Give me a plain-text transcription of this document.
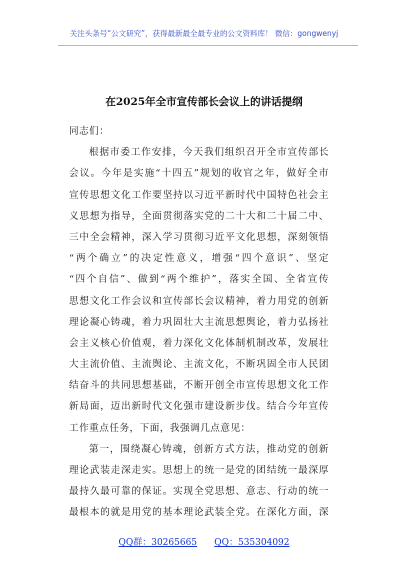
关注头条号“公文研究”，获得最新最全最专业的公文资料库！ 微信：gongwenyj
在2025年全市宣传部长会议上的讲话提纲
同志们：
根据市委工作安排，今天我们组织召开全市宣传部长
会议。今年是实施“十四五”规划的收官之年，做好全市
宣传思想文化工作要坚持以习近平新时代中国特色社会主
义思想为指导，全面贯彻落实党的二十大和二十届二中、
三中全会精神，深入学习贯彻习近平文化思想，深刻领悟
“两个确立”的决定性意义，增强“四个意识”、坚定
“四个自信”、做到“两个维护”，落实全国、全省宣传
思想文化工作会议和宣传部长会议精神，着力用党的创新
理论凝心铸魂，着力巩固壮大主流思想舆论，着力弘扬社
会主义核心价值观，着力深化文化体制机制改革，发展壮
大主流价值、主流舆论、主流文化，不断巩固全市人民团
结奋斗的共同思想基础，不断开创全市宣传思想文化工作
新局面，迈出新时代文化强市建设新步伐。结合今年宣传
工作重点任务，下面，我强调几点意见：
第一，围绕凝心铸魂，创新方式方法，推动党的创新
理论武装走深走实。思想上的统一是党的团结统一最深厚
最持久最可靠的保证。实现全党思想、意志、行动的统一
最根本的就是用党的基本理论武装全党。在深化方面，深
QQ群：30265665 QQ：535304092
